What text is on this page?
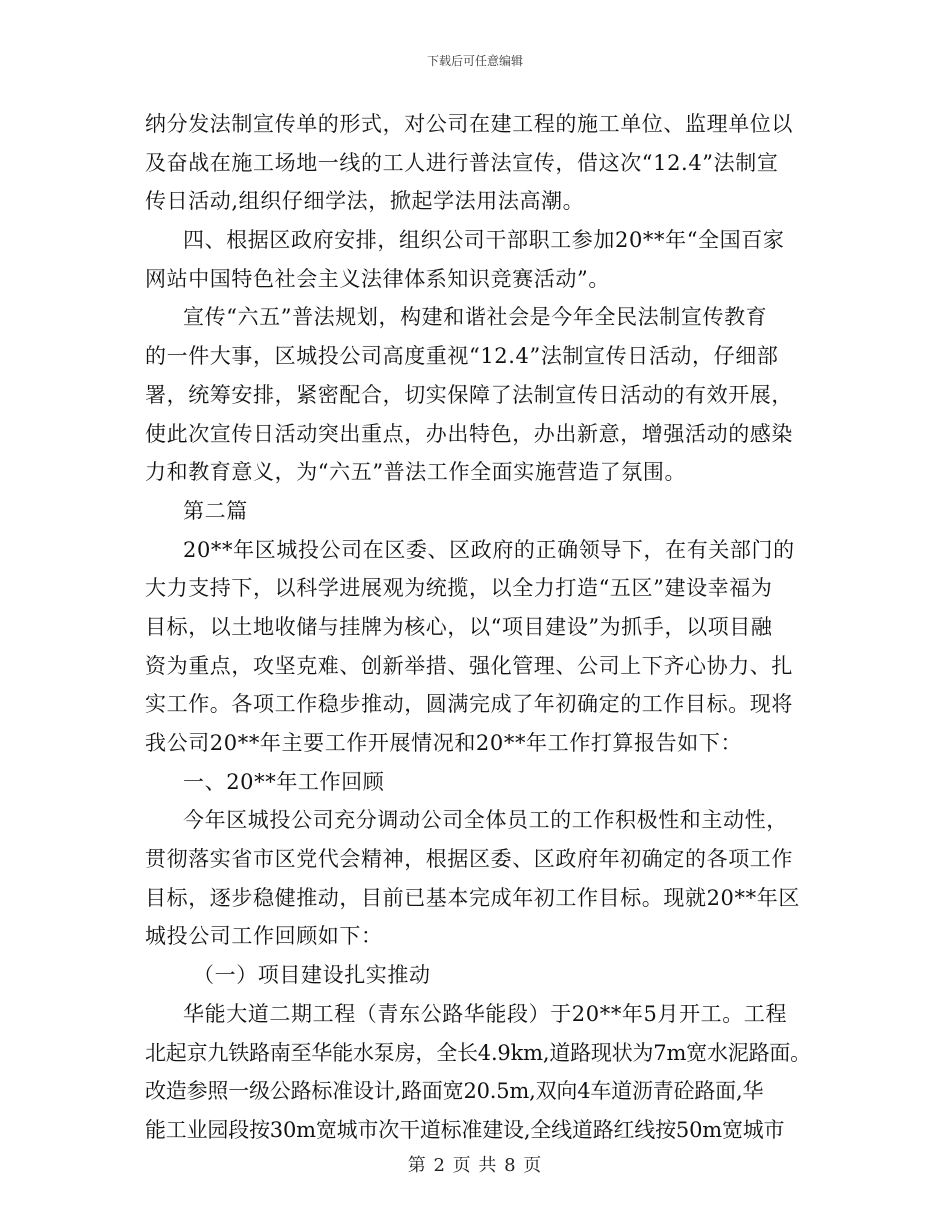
下载后可任意编辑
纳分发法制宣传单的形式，对公司在建工程的施工单位、监理单位以
及奋战在施工场地一线的工人进行普法宣传，借这次“12.4”法制宣
传日活动,组织仔细学法，掀起学法用法高潮。
四、根据区政府安排，组织公司干部职工参加20**年“全国百家
网站中国特色社会主义法律体系知识竞赛活动”。
宣传“六五”普法规划，构建和谐社会是今年全民法制宣传教育
的一件大事，区城投公司高度重视“12.4”法制宣传日活动，仔细部
署，统筹安排，紧密配合，切实保障了法制宣传日活动的有效开展，
使此次宣传日活动突出重点，办出特色，办出新意，增强活动的感染
力和教育意义，为“六五”普法工作全面实施营造了氛围。
第二篇
20**年区城投公司在区委、区政府的正确领导下，在有关部门的
大力支持下，以科学进展观为统揽，以全力打造“五区”建设幸福为
目标，以土地收储与挂牌为核心，以“项目建设”为抓手，以项目融
资为重点，攻坚克难、创新举措、强化管理、公司上下齐心协力、扎
实工作。各项工作稳步推动，圆满完成了年初确定的工作目标。现将
我公司20**年主要工作开展情况和20**年工作打算报告如下：
一、20**年工作回顾
今年区城投公司充分调动公司全体员工的工作积极性和主动性，
贯彻落实省市区党代会精神，根据区委、区政府年初确定的各项工作
目标，逐步稳健推动，目前已基本完成年初工作目标。现就20**年区
城投公司工作回顾如下：
（一）项目建设扎实推动
华能大道二期工程（青东公路华能段）于20**年5月开工。工程
北起京九铁路南至华能水泵房，全长4.9km,道路现状为7m宽水泥路面。
改造参照一级公路标准设计,路面宽20.5m,双向4车道沥青砼路面,华
能工业园段按30m宽城市次干道标准建设,全线道路红线按50m宽城市
第 2 页 共 8 页
